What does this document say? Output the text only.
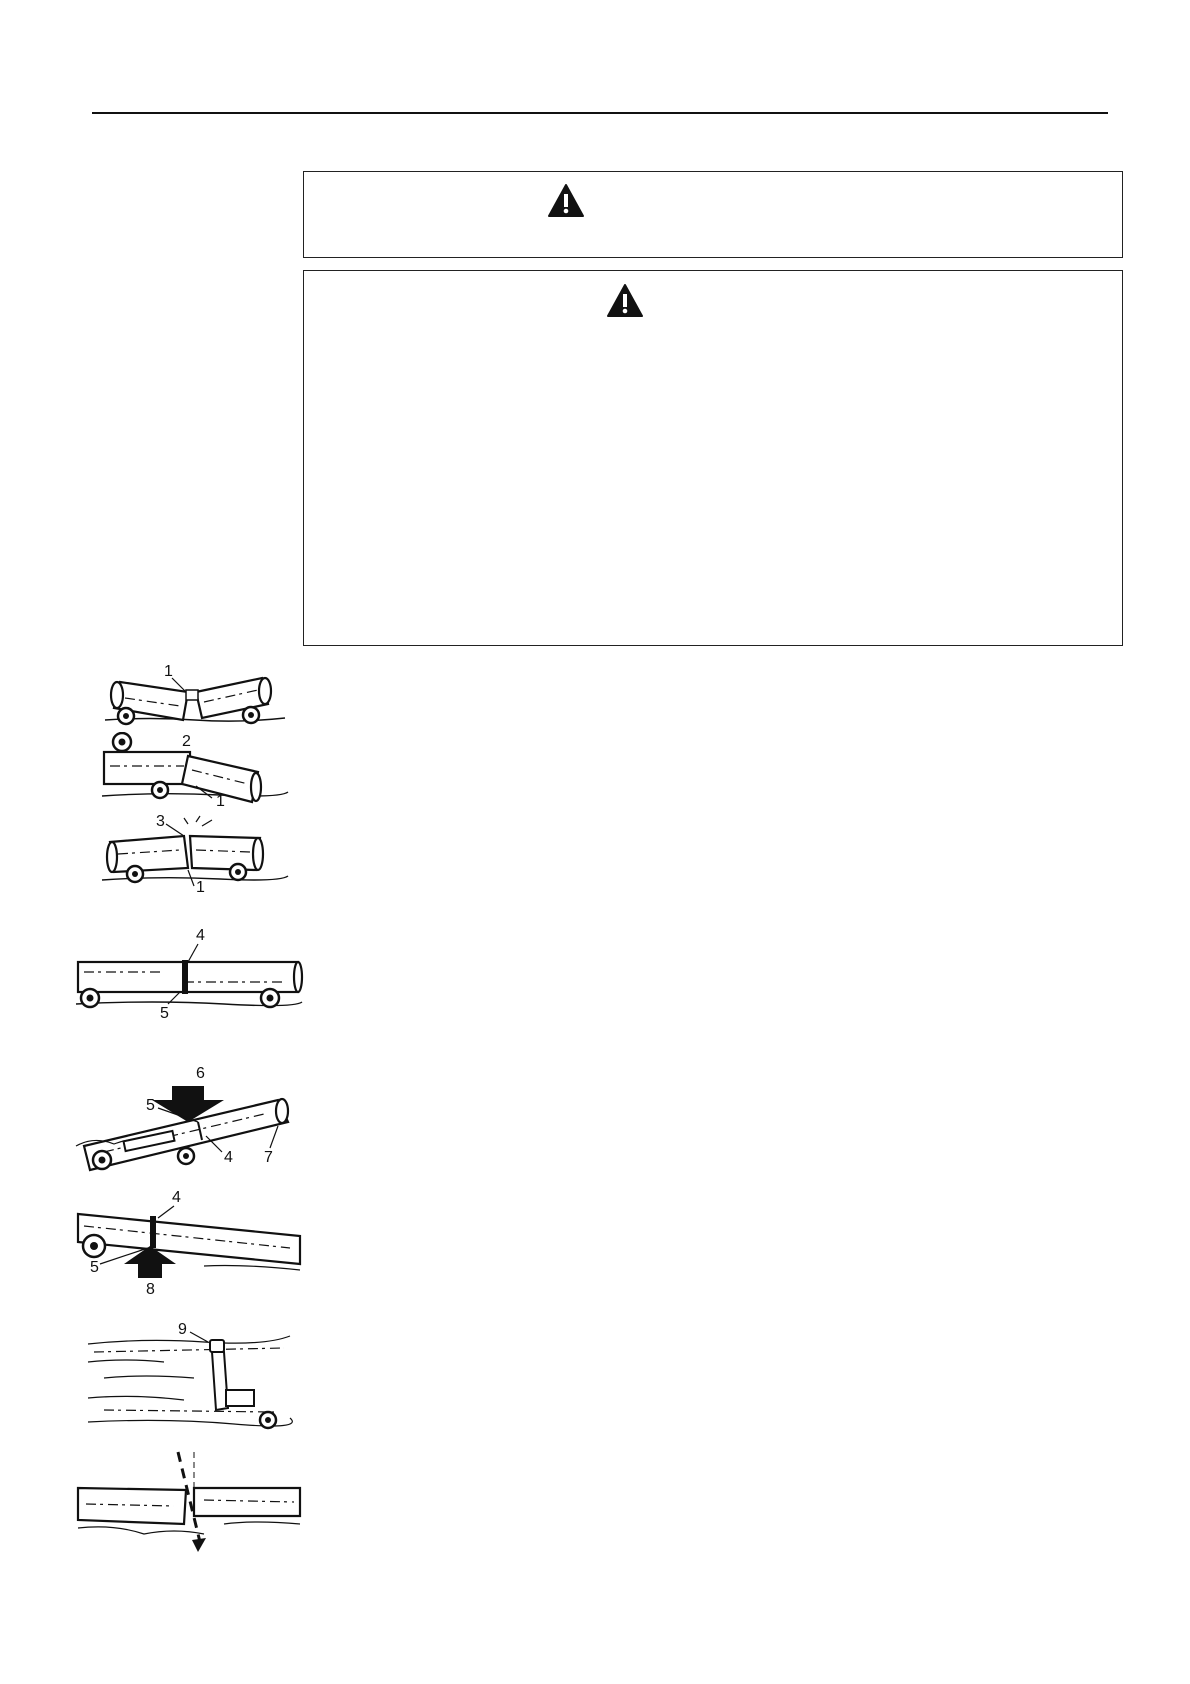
1
2
1
3
1
4
5
6
5
4 7
4
5
8
9
